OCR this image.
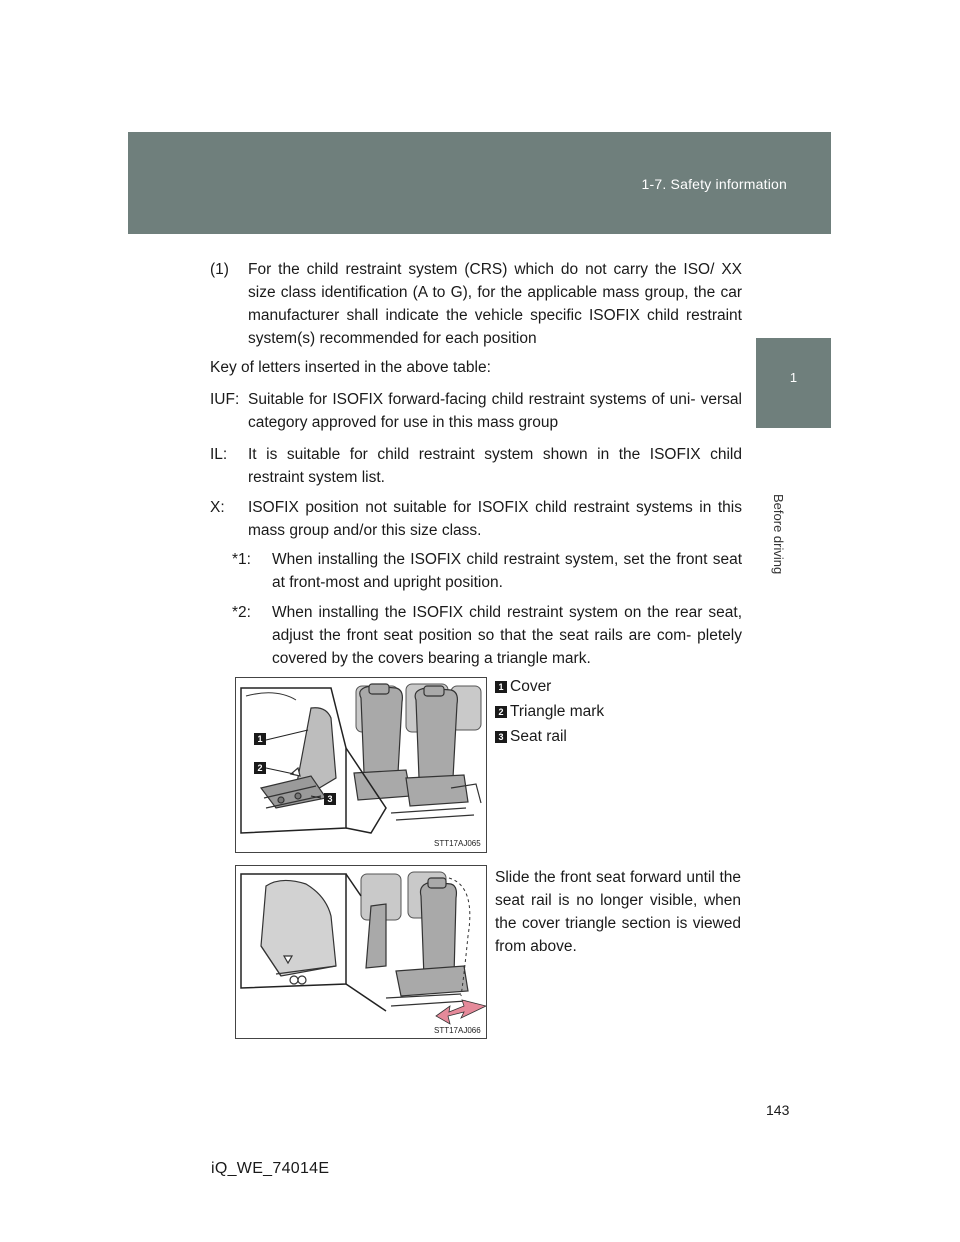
1-7. Safety information
1
Before driving
(1)	For the child restraint system (CRS) which do not carry the ISO/ XX size class identification (A to G), for the applicable mass group, the car manufacturer shall indicate the vehicle specific ISOFIX child restraint system(s) recommended for each position
Key of letters inserted in the above table:
IUF: Suitable for ISOFIX forward-facing child restraint systems of uni- versal category approved for use in this mass group
IL:	It is suitable for child restraint system shown in the ISOFIX child restraint system list.
X:	ISOFIX position not suitable for ISOFIX child restraint systems in this mass group and/or this size class.
*1:	When installing the ISOFIX child restraint system, set the front seat at front-most and upright position.
*2:	When installing the ISOFIX child restraint system on the rear seat, adjust the front seat position so that the seat rails are com- pletely covered by the covers bearing a triangle mark.
1
2
3
STT17AJ065
1 Cover
2 Triangle mark
3 Seat rail
STT17AJ066
Slide the front seat forward until the seat rail is no longer visible, when the cover triangle section is viewed from above.
143
iQ_WE_74014E
